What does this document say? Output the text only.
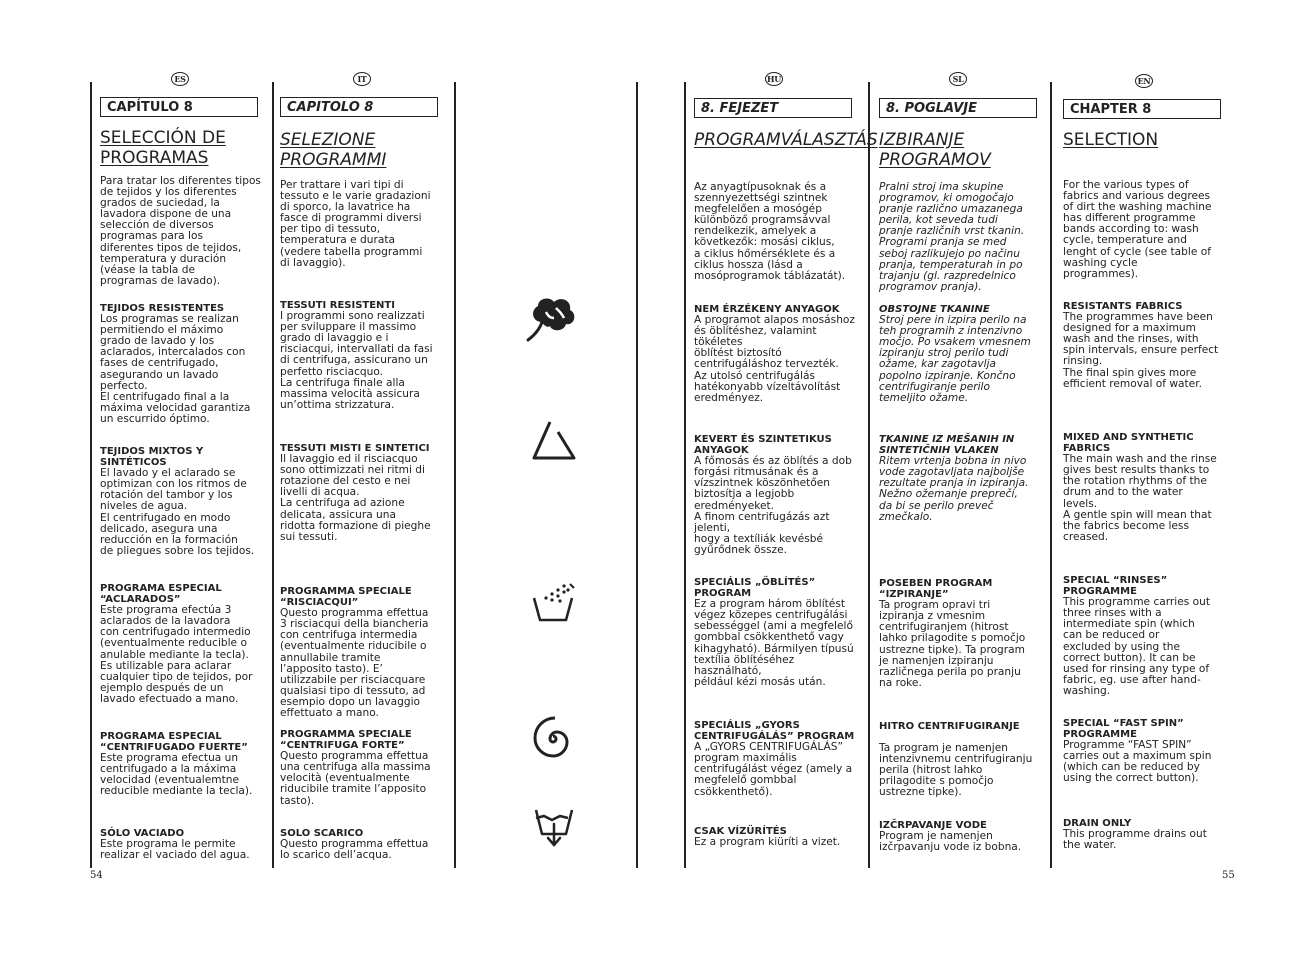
ES	IT	HU	SL	EN
CAPÍTULO 8
SELECCIÓN DE
PROGRAMAS
Para tratar los diferentes tipos
de tejidos y los diferentes
grados de suciedad, la
lavadora dispone de una
selección de diversos
programas para los
diferentes tipos de tejidos,
temperatura y duración
(véase la tabla de
programas de lavado).
TEJIDOS RESISTENTES
Los programas se realizan
permitiendo el máximo
grado de lavado y los
aclarados, intercalados con
fases de centrifugado,
asegurando un lavado
perfecto.
El centrifugado final a la
máxima velocidad garantiza
un escurrido óptimo.
TEJIDOS MIXTOS Y SINTÉTICOS
El lavado y el aclarado se
optimizan con los ritmos de
rotación del tambor y los
niveles de agua.
El centrifugado en modo
delicado, asegura una
reducción en la formación
de pliegues sobre los tejidos.
PROGRAMA ESPECIAL
“ACLARADOS”
Este programa efectúa 3
aclarados de la lavadora
con centrifugado intermedio
(eventualmente reducible o
anulable mediante la tecla).
Es utilizable para aclarar
cualquier tipo de tejidos, por
ejemplo después de un
lavado efectuado a mano.
PROGRAMA ESPECIAL
“CENTRIFUGADO FUERTE”
Este programa efectua un
centrifugado a la máxima
velocidad (eventualemtne
reducible mediante la tecla).
SÓLO VACIADO
Este programa le permite
realizar el vaciado del agua.
CAPITOLO 8
SELEZIONE
PROGRAMMI
Per trattare i vari tipi di
tessuto e le varie gradazioni
di sporco, la lavatrice ha
fasce di programmi diversi
per tipo di tessuto,
temperatura e durata
(vedere tabella programmi
di lavaggio).
TESSUTI RESISTENTI
I programmi sono realizzati
per sviluppare il massimo
grado di lavaggio e i
risciacqui, intervallati da fasi
di centrifuga, assicurano un
perfetto risciacquo.
La centrifuga finale alla
massima velocità assicura
un’ottima strizzatura.
TESSUTI MISTI E SINTETICI
Il lavaggio ed il risciacquo
sono ottimizzati nei ritmi di
rotazione del cesto e nei
livelli di acqua.
La centrifuga ad azione
delicata, assicura una
ridotta formazione di pieghe
sui tessuti.
PROGRAMMA SPECIALE
“RISCIACQUI”
Questo programma effettua
3 risciacqui della biancheria
con centrifuga intermedia
(eventualmente riducibile o
annullabile tramite
l’apposito tasto). E’
utilizzabile per risciacquare
qualsiasi tipo di tessuto, ad
esempio dopo un lavaggio
effettuato a mano.
PROGRAMMA SPECIALE
“CENTRIFUGA FORTE”
Questo programma effettua
una centrifuga alla massima
velocità (eventualmente
riducibile tramite l’apposito
tasto).
SOLO SCARICO
Questo programma effettua
lo scarico dell’acqua.
8. FEJEZET
PROGRAMVÁLASZTÁS
Az anyagtípusoknak és a
szennyezettségi szintnek
megfelelően a mosógép
különböző programsávval
rendelkezik, amelyek a
következők: mosási ciklus,
a ciklus hőmérséklete és a
ciklus hossza (lásd a
mosóprogramok táblázatát).
NEM ÉRZÉKENY ANYAGOK
A programot alapos mosáshoz
és öblítéshez, valamint tökéletes
öblítést biztosító
centrifugáláshoz tervezték.
Az utolsó centrifugálás
hatékonyabb vízeltávolítást
eredményez.
KEVERT ÉS SZINTETIKUS
ANYAGOK
A főmosás és az öblítés a dob
forgási ritmusának és a
vízszintnek köszönhetően
biztosítja a legjobb
eredményeket.
A finom centrifugázás azt jelenti,
hogy a textíliák kevésbé
gyűrődnek össze.
SPECIÁLIS „ÖBLÍTÉS”
PROGRAM
Ez a program három öblítést
végez közepes centrifugálási
sebességgel (ami a megfelelő
gombbal csökkenthető vagy
kihagyható). Bármilyen típusú
textília öblítéséhez használható,
például kézi mosás után.
SPECIÁLIS „GYORS
CENTRIFUGÁLÁS” PROGRAM
A „GYORS CENTRIFUGÁLÁS”
program maximális
centrifugálást végez (amely a
megfelelő gombbal
csökkenthető).
CSAK VÍZÜRÍTÉS
Ez a program kiüríti a vizet.
8. POGLAVJE
IZBIRANJE
PROGRAMOV
Pralni stroj ima skupine
programov, ki omogočajo
pranje različno umazanega
perila, kot seveda tudi
pranje različnih vrst tkanin.
Programi pranja se med
seboj razlikujejo po načinu
pranja, temperaturah in po
trajanju (gl. razpredelnico
programov pranja).
OBSTOJNE TKANINE
Stroj pere in izpira perilo na
teh programih z intenzivno
močjo. Po vsakem vmesnem
izpiranju stroj perilo tudi
ožame, kar zagotavlja
popolno izpiranje. Končno
centrifugiranje perilo
temeljito ožame.
TKANINE IZ MEŠANIH IN
SINTETIČNIH VLAKEN
Ritem vrtenja bobna in nivo
vode zagotavljata najboljše
rezultate pranja in izpiranja.
Nežno ožemanje preprečí,
da bi se perilo preveč
zmečkalo.
POSEBEN PROGRAM
“IZPIRANJE”
Ta program opravi tri
izpiranja z vmesnim
centrifugiranjem (hitrost
lahko prilagodite s pomočjo
ustrezne tipke). Ta program
je namenjen izpiranju
različnega perila po pranju
na roke.
HITRO CENTRIFUGIRANJE
Ta program je namenjen
intenzivnemu centrifugiranju
perila (hitrost lahko
prilagodite s pomočjo
ustrezne tipke).
IZČRPAVANJE VODE
Program je namenjen
izčrpavanju vode iz bobna.
CHAPTER 8
SELECTION
For the various types of
fabrics and various degrees
of dirt the washing machine
has different programme
bands according to: wash
cycle, temperature and
lenght of cycle (see table of
washing cycle
programmes).
RESISTANTS FABRICS
The programmes have been
designed for a maximum
wash and the rinses, with
spin intervals, ensure perfect
rinsing.
The final spin gives more
efficient removal of water.
MIXED AND SYNTHETIC
FABRICS
The main wash and the rinse
gives best results thanks to
the rotation rhythms of the
drum and to the water
levels.
A gentle spin will mean that
the fabrics become less
creased.
SPECIAL “RINSES”
PROGRAMME
This programme carries out
three rinses with a
intermediate spin (which
can be reduced or
excluded by using the
correct button). It can be
used for rinsing any type of
fabric, eg. use after hand-
washing.
SPECIAL “FAST SPIN”
PROGRAMME
Programme “FAST SPIN”
carries out a maximum spin
(which can be reduced by
using the correct button).
DRAIN ONLY
This programme drains out
the water.
54	55
